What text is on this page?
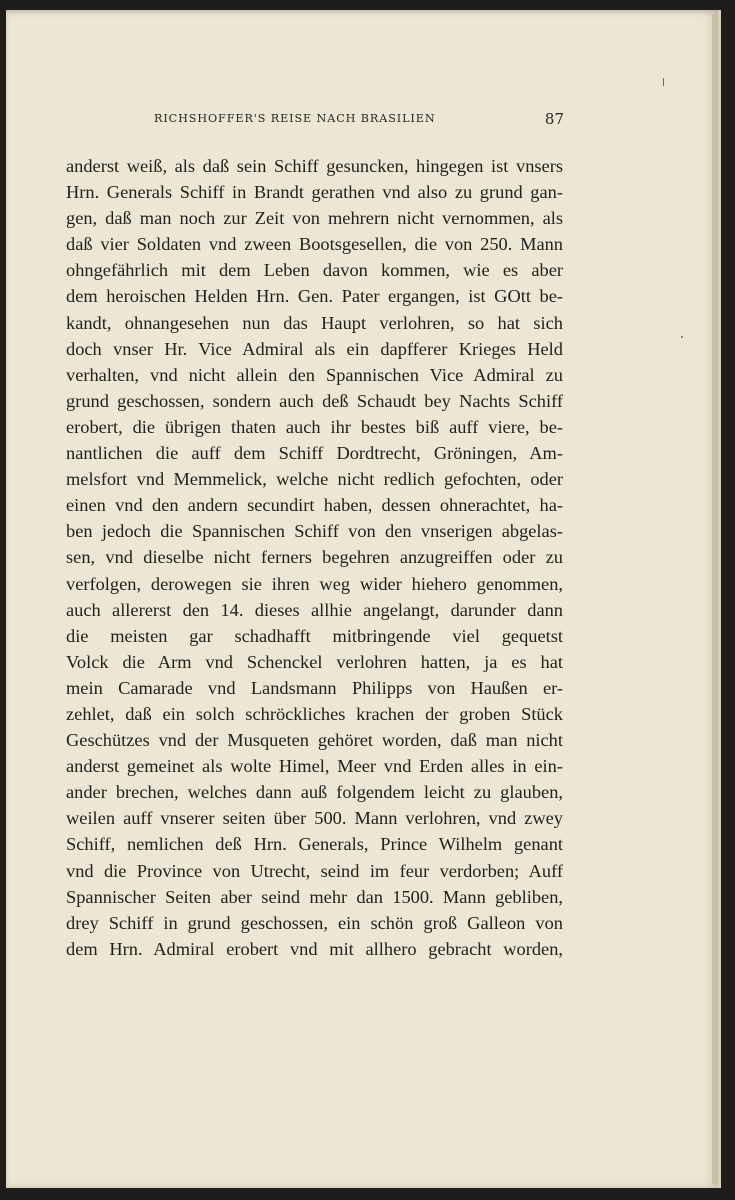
RICHSHOFFER'S REISE NACH BRASILIEN	87
anderst weiß, als daß sein Schiff gesuncken, hingegen ist vnsers
Hrn. Generals Schiff in Brandt gerathen vnd also zu grund gan-
gen, daß man noch zur Zeit von mehrern nicht vernommen, als
daß vier Soldaten vnd zween Bootsgesellen, die von 250. Mann
ohngefährlich mit dem Leben davon kommen, wie es aber
dem heroischen Helden Hrn. Gen. Pater ergangen, ist GOtt be-
kandt, ohnangesehen nun das Haupt verlohren, so hat sich
doch vnser Hr. Vice Admiral als ein dapfferer Krieges Held
verhalten, vnd nicht allein den Spannischen Vice Admiral zu
grund geschossen, sondern auch deß Schaudt bey Nachts Schiff
erobert, die übrigen thaten auch ihr bestes biß auff viere, be-
nantlichen die auff dem Schiff Dordtrecht, Gröningen, Am-
melsfort vnd Memmelick, welche nicht redlich gefochten, oder
einen vnd den andern secundirt haben, dessen ohnerachtet, ha-
ben jedoch die Spannischen Schiff von den vnserigen abgelas-
sen, vnd dieselbe nicht ferners begehren anzugreiffen oder zu
verfolgen, derowegen sie ihren weg wider hiehero genommen,
auch allererst den 14. dieses allhie angelangt, darunder dann
die meisten gar schadhafft mitbringende viel gequetst
Volck die Arm vnd Schenckel verlohren hatten, ja es hat
mein Camarade vnd Landsmann Philipps von Haußen er-
zehlet, daß ein solch schröckliches krachen der groben Stück
Geschützes vnd der Musqueten gehöret worden, daß man nicht
anderst gemeinet als wolte Himel, Meer vnd Erden alles in ein-
ander brechen, welches dann auß folgendem leicht zu glauben,
weilen auff vnserer seiten über 500. Mann verlohren, vnd zwey
Schiff, nemlichen deß Hrn. Generals, Prince Wilhelm genant
vnd die Province von Utrecht, seind im feur verdorben; Auff
Spannischer Seiten aber seind mehr dan 1500. Mann gebliben,
drey Schiff in grund geschossen, ein schön groß Galleon von
dem Hrn. Admiral erobert vnd mit allhero gebracht worden,
